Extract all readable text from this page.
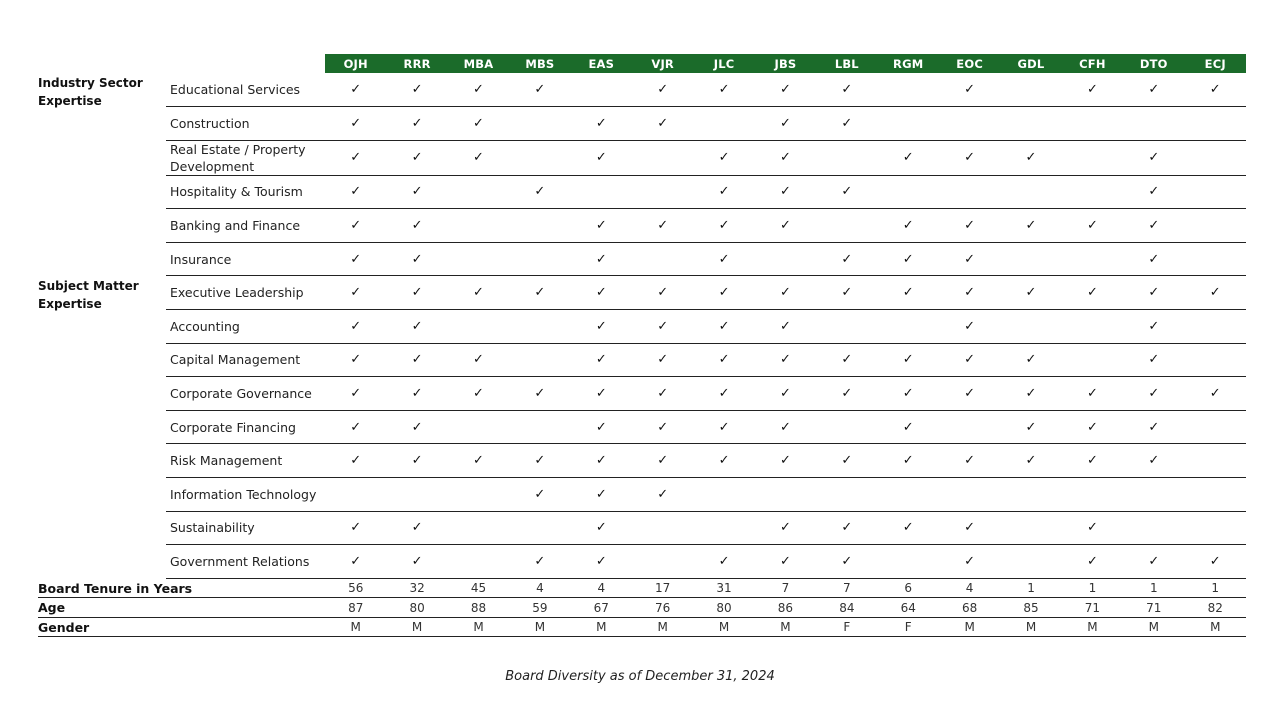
		OJH	RRR	MBA	MBS	EAS	VJR	JLC	JBS	LBL	RGM	EOC	GDL	CFH	DTO	ECJ
Industry Sector Expertise	Educational Services	✓	✓	✓	✓		✓	✓	✓	✓		✓		✓	✓	✓
	Construction	✓	✓	✓		✓	✓		✓	✓						
	Real Estate / Property Development	✓	✓	✓		✓		✓	✓		✓	✓	✓		✓	
	Hospitality & Tourism	✓	✓		✓			✓	✓	✓					✓	
	Banking and Finance	✓	✓			✓	✓	✓	✓		✓	✓	✓	✓	✓	
	Insurance	✓	✓			✓		✓		✓	✓	✓			✓	
Subject Matter Expertise	Executive Leadership	✓	✓	✓	✓	✓	✓	✓	✓	✓	✓	✓	✓	✓	✓	✓
	Accounting	✓	✓			✓	✓	✓	✓			✓			✓	
	Capital Management	✓	✓	✓		✓	✓	✓	✓	✓	✓	✓	✓		✓	
	Corporate Governance	✓	✓	✓	✓	✓	✓	✓	✓	✓	✓	✓	✓	✓	✓	✓
	Corporate Financing	✓	✓			✓	✓	✓	✓		✓		✓	✓	✓	
	Risk Management	✓	✓	✓	✓	✓	✓	✓	✓	✓	✓	✓	✓	✓	✓	
	Information Technology				✓	✓	✓									
	Sustainability	✓	✓			✓			✓	✓	✓	✓		✓		
	Government Relations	✓	✓		✓	✓		✓	✓	✓		✓		✓	✓	✓
Board Tenure in Years		56	32	45	4	4	17	31	7	7	6	4	1	1	1	1
Age		87	80	88	59	67	76	80	86	84	64	68	85	71	71	82
Gender		M	M	M	M	M	M	M	M	F	F	M	M	M	M	M
Board Diversity as of December 31, 2024
